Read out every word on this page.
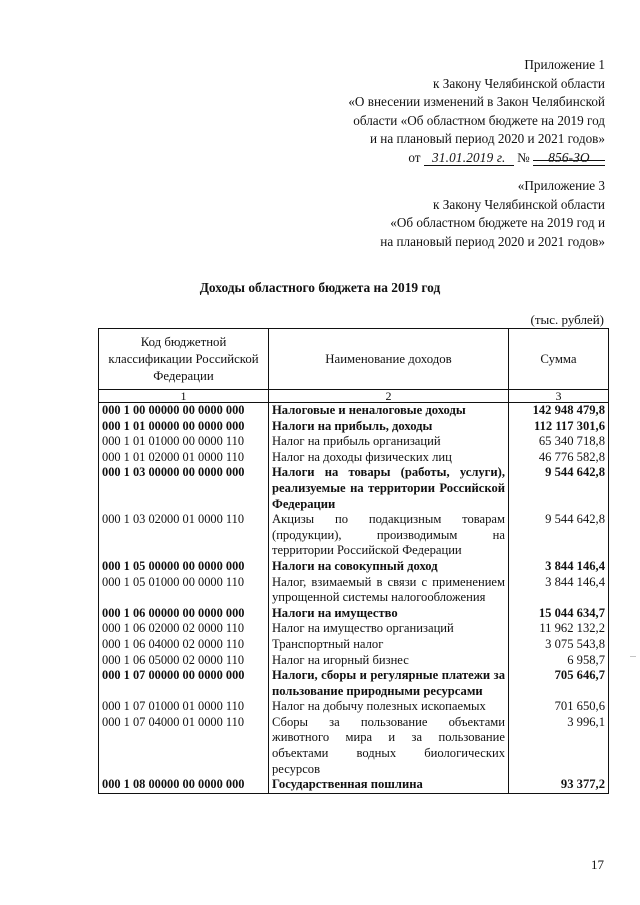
Приложение 1
к Закону Челябинской области
«О внесении изменений в Закон Челябинской
области «Об областном бюджете на 2019 год
и на плановый период 2020 и 2021 годов»
от 31.01.2019 г. № 856-ЗО
«Приложение 3
к Закону Челябинской области
«Об областном бюджете на 2019 год и
на плановый период 2020 и 2021 годов»
Доходы областного бюджета на 2019 год
(тыс. рублей)
Код бюджетной классификации Российской Федерации	Наименование доходов	Сумма
1	2	3
000 1 00 00000 00 0000 000	Налоговые и неналоговые доходы	142 948 479,8
000 1 01 00000 00 0000 000	Налоги на прибыль, доходы	112 117 301,6
000 1 01 01000 00 0000 110	Налог на прибыль организаций	65 340 718,8
000 1 01 02000 01 0000 110	Налог на доходы физических лиц	46 776 582,8
000 1 03 00000 00 0000 000	Налоги на товары (работы, услуги), реализуемые на территории Российской Федерации	9 544 642,8
000 1 03 02000 01 0000 110	Акцизы по подакцизным товарам (продукции), производимым на территории Российской Федерации	9 544 642,8
000 1 05 00000 00 0000 000	Налоги на совокупный доход	3 844 146,4
000 1 05 01000 00 0000 110	Налог, взимаемый в связи с применением упрощенной системы налогообложения	3 844 146,4
000 1 06 00000 00 0000 000	Налоги на имущество	15 044 634,7
000 1 06 02000 02 0000 110	Налог на имущество организаций	11 962 132,2
000 1 06 04000 02 0000 110	Транспортный налог	3 075 543,8
000 1 06 05000 02 0000 110	Налог на игорный бизнес	6 958,7
000 1 07 00000 00 0000 000	Налоги, сборы и регулярные платежи за пользование природными ресурсами	705 646,7
000 1 07 01000 01 0000 110	Налог на добычу полезных ископаемых	701 650,6
000 1 07 04000 01 0000 110	Сборы за пользование объектами животного мира и за пользование объектами водных биологических ресурсов	3 996,1
000 1 08 00000 00 0000 000	Государственная пошлина	93 377,2
...
17
